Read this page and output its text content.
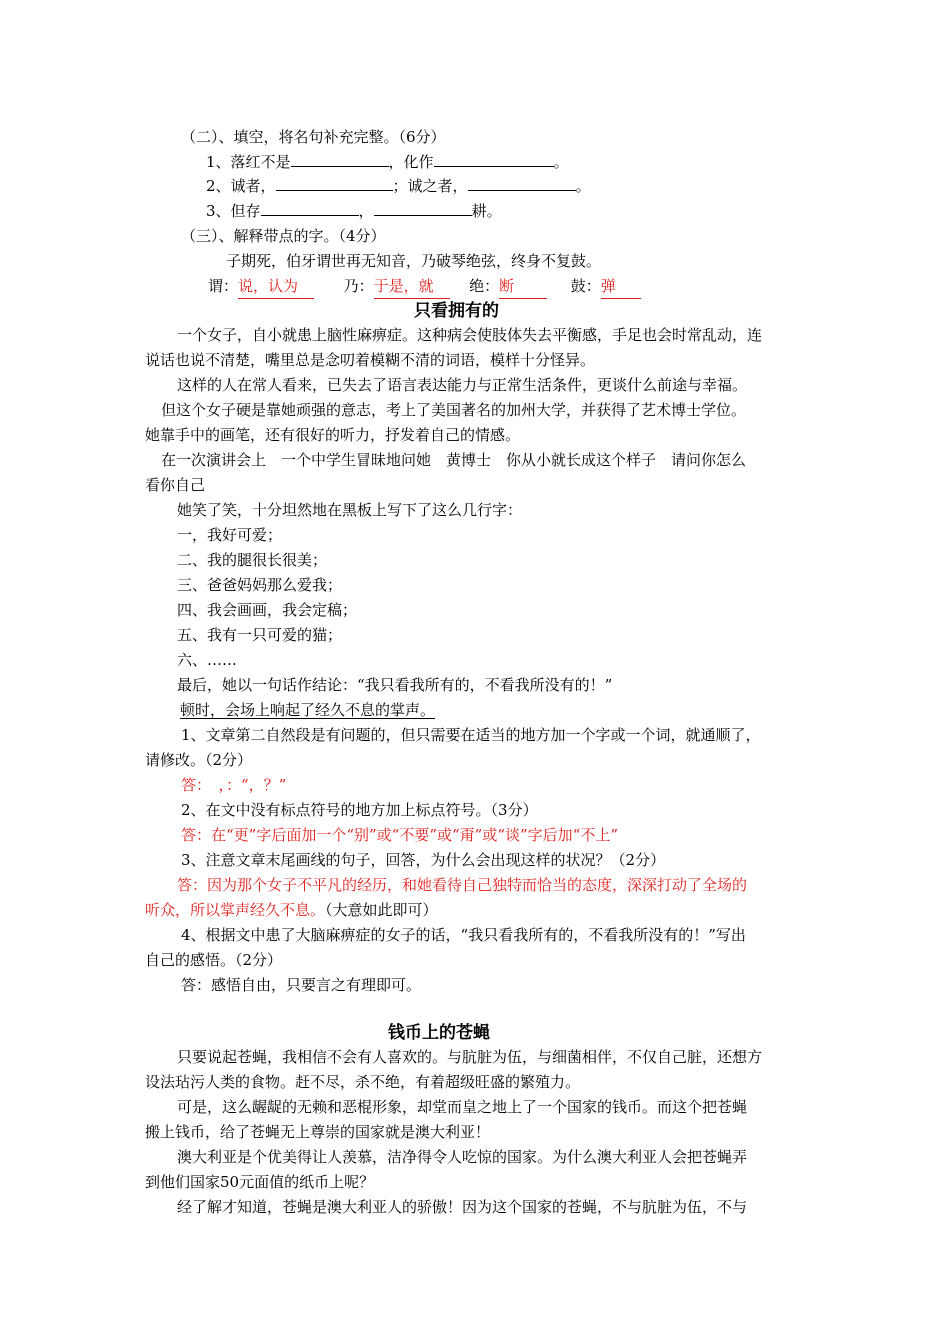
（二）、填空，将名句补充完整。（6分）
1、落红不是	，化作	。
2、诚者，	；诚之者，	。
3、但存	，	耕。
（三）、解释带点的字。（4分）
子期死，伯牙谓世再无知音，乃破琴绝弦，终身不复鼓。
谓：说，认为	乃：于是，就 绝：断	鼓：弹
只看拥有的
一个女子，自小就患上脑性麻痹症。这种病会使肢体失去平衡感，手足也会时常乱动，连
说话也说不清楚，嘴里总是念叨着模糊不清的词语，模样十分怪异。
这样的人在常人看来，已失去了语言表达能力与正常生活条件，更谈什么前途与幸福。
但这个女子硬是靠她顽强的意志，考上了美国著名的加州大学，并获得了艺术博士学位。
她靠手中的画笔，还有很好的听力，抒发着自己的情感。
在一次演讲会上　一个中学生冒昧地问她　黄博士　你从小就长成这个样子　请问你怎么
看你自己
她笑了笑，十分坦然地在黑板上写下了这么几行字：
一，我好可爱；
二、我的腿很长很美；
三、爸爸妈妈那么爱我；
四、我会画画，我会定稿；
五、我有一只可爱的猫；
六、……
最后，她以一句话作结论：“我只看我所有的，不看我所没有的！”
顿时，会场上响起了经久不息的掌声。
1、文章第二自然段是有问题的，但只需要在适当的地方加一个字或一个词，就通顺了，
请修改。（2分）
答：　，：“，？”
2、在文中没有标点符号的地方加上标点符号。（3分）
答：在“更”字后面加一个“别”或“不要”或“甭”或“谈”字后加“不上”
3、注意文章末尾画线的句子，回答，为什么会出现这样的状况？（2分）
答：因为那个女子不平凡的经历，和她看待自己独特而恰当的态度，深深打动了全场的
听众，所以掌声经久不息。（大意如此即可）
4、根据文中患了大脑麻痹症的女子的话，“我只看我所有的，不看我所没有的！”写出
自己的感悟。（2分）
答：感悟自由，只要言之有理即可。
钱币上的苍蝇
只要说起苍蝇，我相信不会有人喜欢的。与肮脏为伍，与细菌相伴，不仅自己脏，还想方
设法玷污人类的食物。赶不尽，杀不绝，有着超级旺盛的繁殖力。
可是，这么龌龊的无赖和恶棍形象，却堂而皇之地上了一个国家的钱币。而这个把苍蝇
搬上钱币，给了苍蝇无上尊崇的国家就是澳大利亚！
澳大利亚是个优美得让人羡慕，洁净得令人吃惊的国家。为什么澳大利亚人会把苍蝇弄
到他们国家50元面值的纸币上呢？
经了解才知道，苍蝇是澳大利亚人的骄傲！因为这个国家的苍蝇，不与肮脏为伍，不与
